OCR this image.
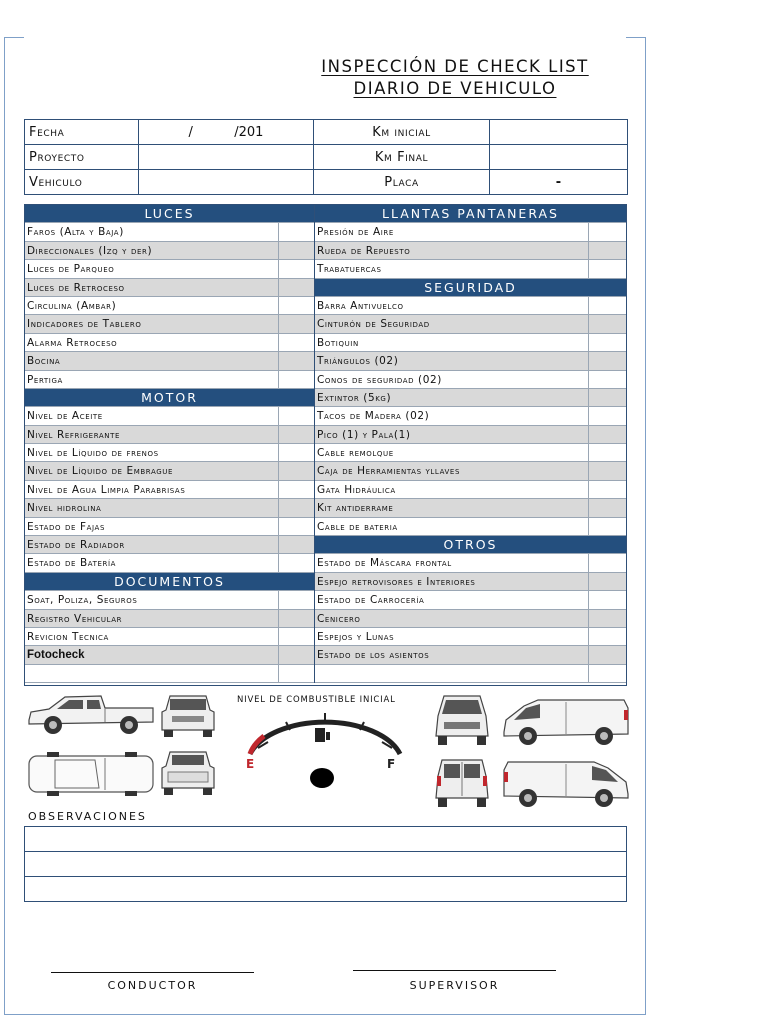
INSPECCIÓN DE CHECK LIST
DIARIO DE VEHICULO
Fecha	/          /201	Km inicial	
Proyecto		Km Final	
Vehiculo		Placa	-
LUCES
Faros (Alta y Baja)
Direccionales (Izq y der)
Luces de Parqueo
Luces de Retroceso
Circulina (Ambar)
Indicadores de Tablero
Alarma Retroceso
Bocina
Pertiga
MOTOR
Nivel de Aceite
Nivel Refrigerante
Nivel de Líquido de frenos
Nivel de Líquido de Embrague
Nivel de Agua Limpia Parabrisas
Nivel hidrolina
Estado de Fajas
Estado de Radiador
Estado de Batería
DOCUMENTOS
Soat, Poliza, Seguros
Registro Vehicular
Revicion Tecnica
Fotocheck
LLANTAS PANTANERAS
Presión de Aire
Rueda de Repuesto
Trabatuercas
SEGURIDAD
Barra Antivuelco
Cinturón de Seguridad
Botiquin
Triángulos (02)
Conos de seguridad (02)
Extintor (5kg)
Tacos de Madera (02)
Pico (1) y Pala(1)
Cable remolque
Caja de Herramientas yllaves
Gata Hidráulica
Kit antiderrame
Cable de bateria
OTROS
Estado de Máscara frontal
Espejo retrovisores e Interiores
Estado de Carrocería
Cenicero
Espejos y Lunas
Estado de los asientos
NIVEL DE COMBUSTIBLE INICIAL
E	F
OBSERVACIONES

CONDUCTOR	SUPERVISOR
